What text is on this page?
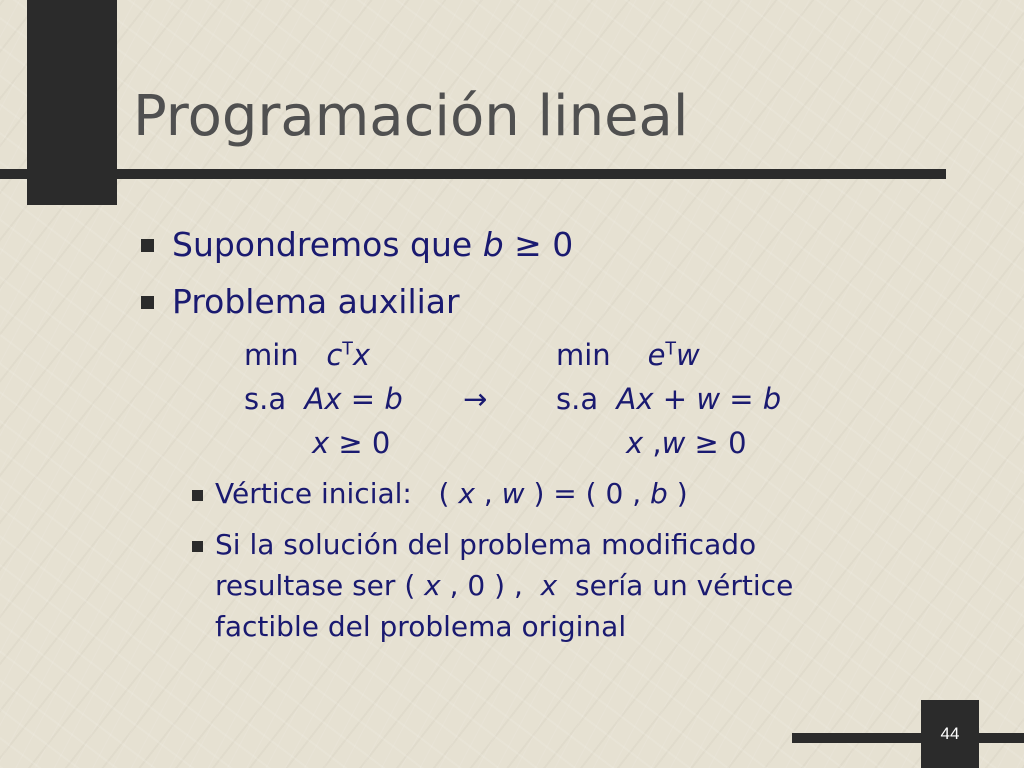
44
Programación lineal
Supondremos que b ≥ 0
Problema auxiliar
$\min c^Tx$
s.a Ax = b
x ≥ 0
→
$\min e^Tw$
s.a Ax + w = b
x ,w ≥ 0
Vértice inicial:   ( x , w ) = ( 0 , b )
Si la solución del problema modificado
resultase ser ( x , 0 ) ,  x  sería un vértice
factible del problema original
